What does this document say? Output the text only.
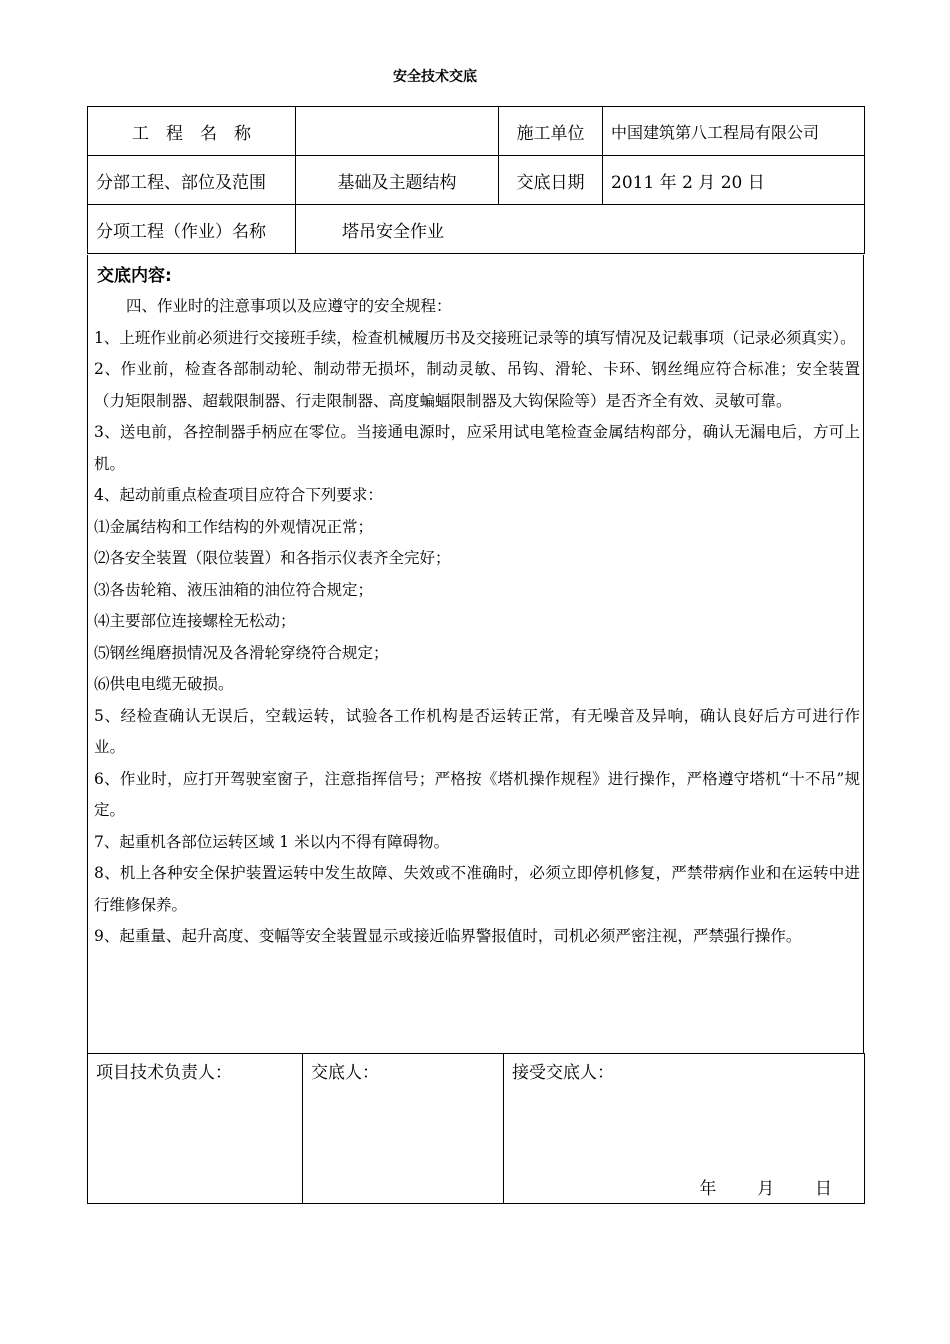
安全技术交底
工　程　名　称		施工单位	中国建筑第八工程局有限公司
分部工程、部位及范围	基础及主题结构	交底日期	2011 年 2 月 20 日
分项工程（作业）名称	塔吊安全作业		
交底内容:

四、作业时的注意事项以及应遵守的安全规程：

1、上班作业前必须进行交接班手续，检查机械履历书及交接班记录等的填写情况及记载事项（记录必须真实）。

2、作业前，检查各部制动轮、制动带无损坏，制动灵敏、吊钩、滑轮、卡环、钢丝绳应符合标准；安全装置（力矩限制器、超载限制器、行走限制器、高度蝙蝠限制器及大钩保险等）是否齐全有效、灵敏可靠。

3、送电前，各控制器手柄应在零位。当接通电源时，应采用试电笔检查金属结构部分，确认无漏电后，方可上机。

4、起动前重点检查项目应符合下列要求：

⑴金属结构和工作结构的外观情况正常；

⑵各安全装置（限位装置）和各指示仪表齐全完好；

⑶各齿轮箱、液压油箱的油位符合规定；

⑷主要部位连接螺栓无松动；

⑸钢丝绳磨损情况及各滑轮穿绕符合规定；

⑹供电电缆无破损。

5、经检查确认无误后，空载运转，试验各工作机构是否运转正常，有无噪音及异响，确认良好后方可进行作业。

6、作业时，应打开驾驶室窗子，注意指挥信号；严格按《塔机操作规程》进行操作，严格遵守塔机“十不吊”规定。

7、起重机各部位运转区域 1 米以内不得有障碍物。

8、机上各种安全保护装置运转中发生故障、失效或不准确时，必须立即停机修复，严禁带病作业和在运转中进行维修保养。

9、起重量、起升高度、变幅等安全装置显示或接近临界警报值时，司机必须严密注视，严禁强行操作。

项目技术负责人：	交底人：	接受交底人：
年 月 日
